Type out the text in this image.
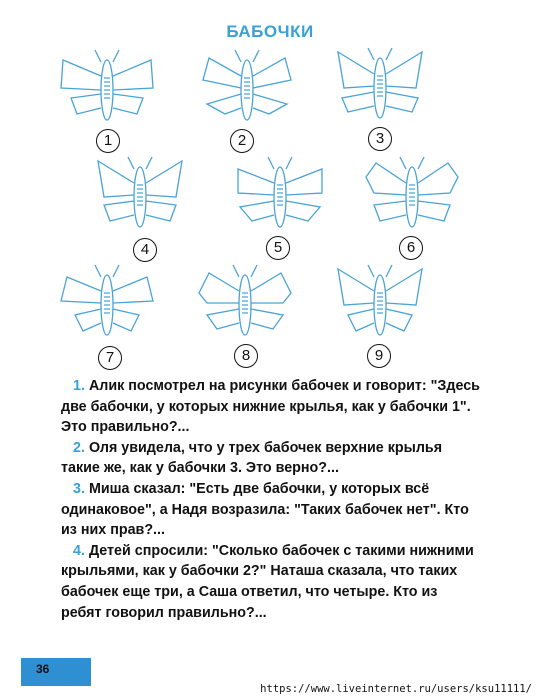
БАБОЧКИ
1	2	3
4	5	6
7	8	9

1. Алик посмотрел на рисунки бабочек и говорит: "Здесь две бабочки, у которых нижние крылья, как у бабочки 1". Это правильно?...

2. Оля увидела, что у трех бабочек верхние крылья такие же, как у бабочки 3. Это верно?...

3. Миша сказал: "Есть две бабочки, у которых всё одинаковое", а Надя возразила: "Таких бабочек нет". Кто из них прав?...

4. Детей спросили: "Сколько бабочек с такими нижними крыльями, как у бабочки 2?" Наташа сказала, что таких бабочек еще три, а Саша ответил, что четыре. Кто из ребят говорил правильно?...

36
https://www.liveinternet.ru/users/ksu11111/
